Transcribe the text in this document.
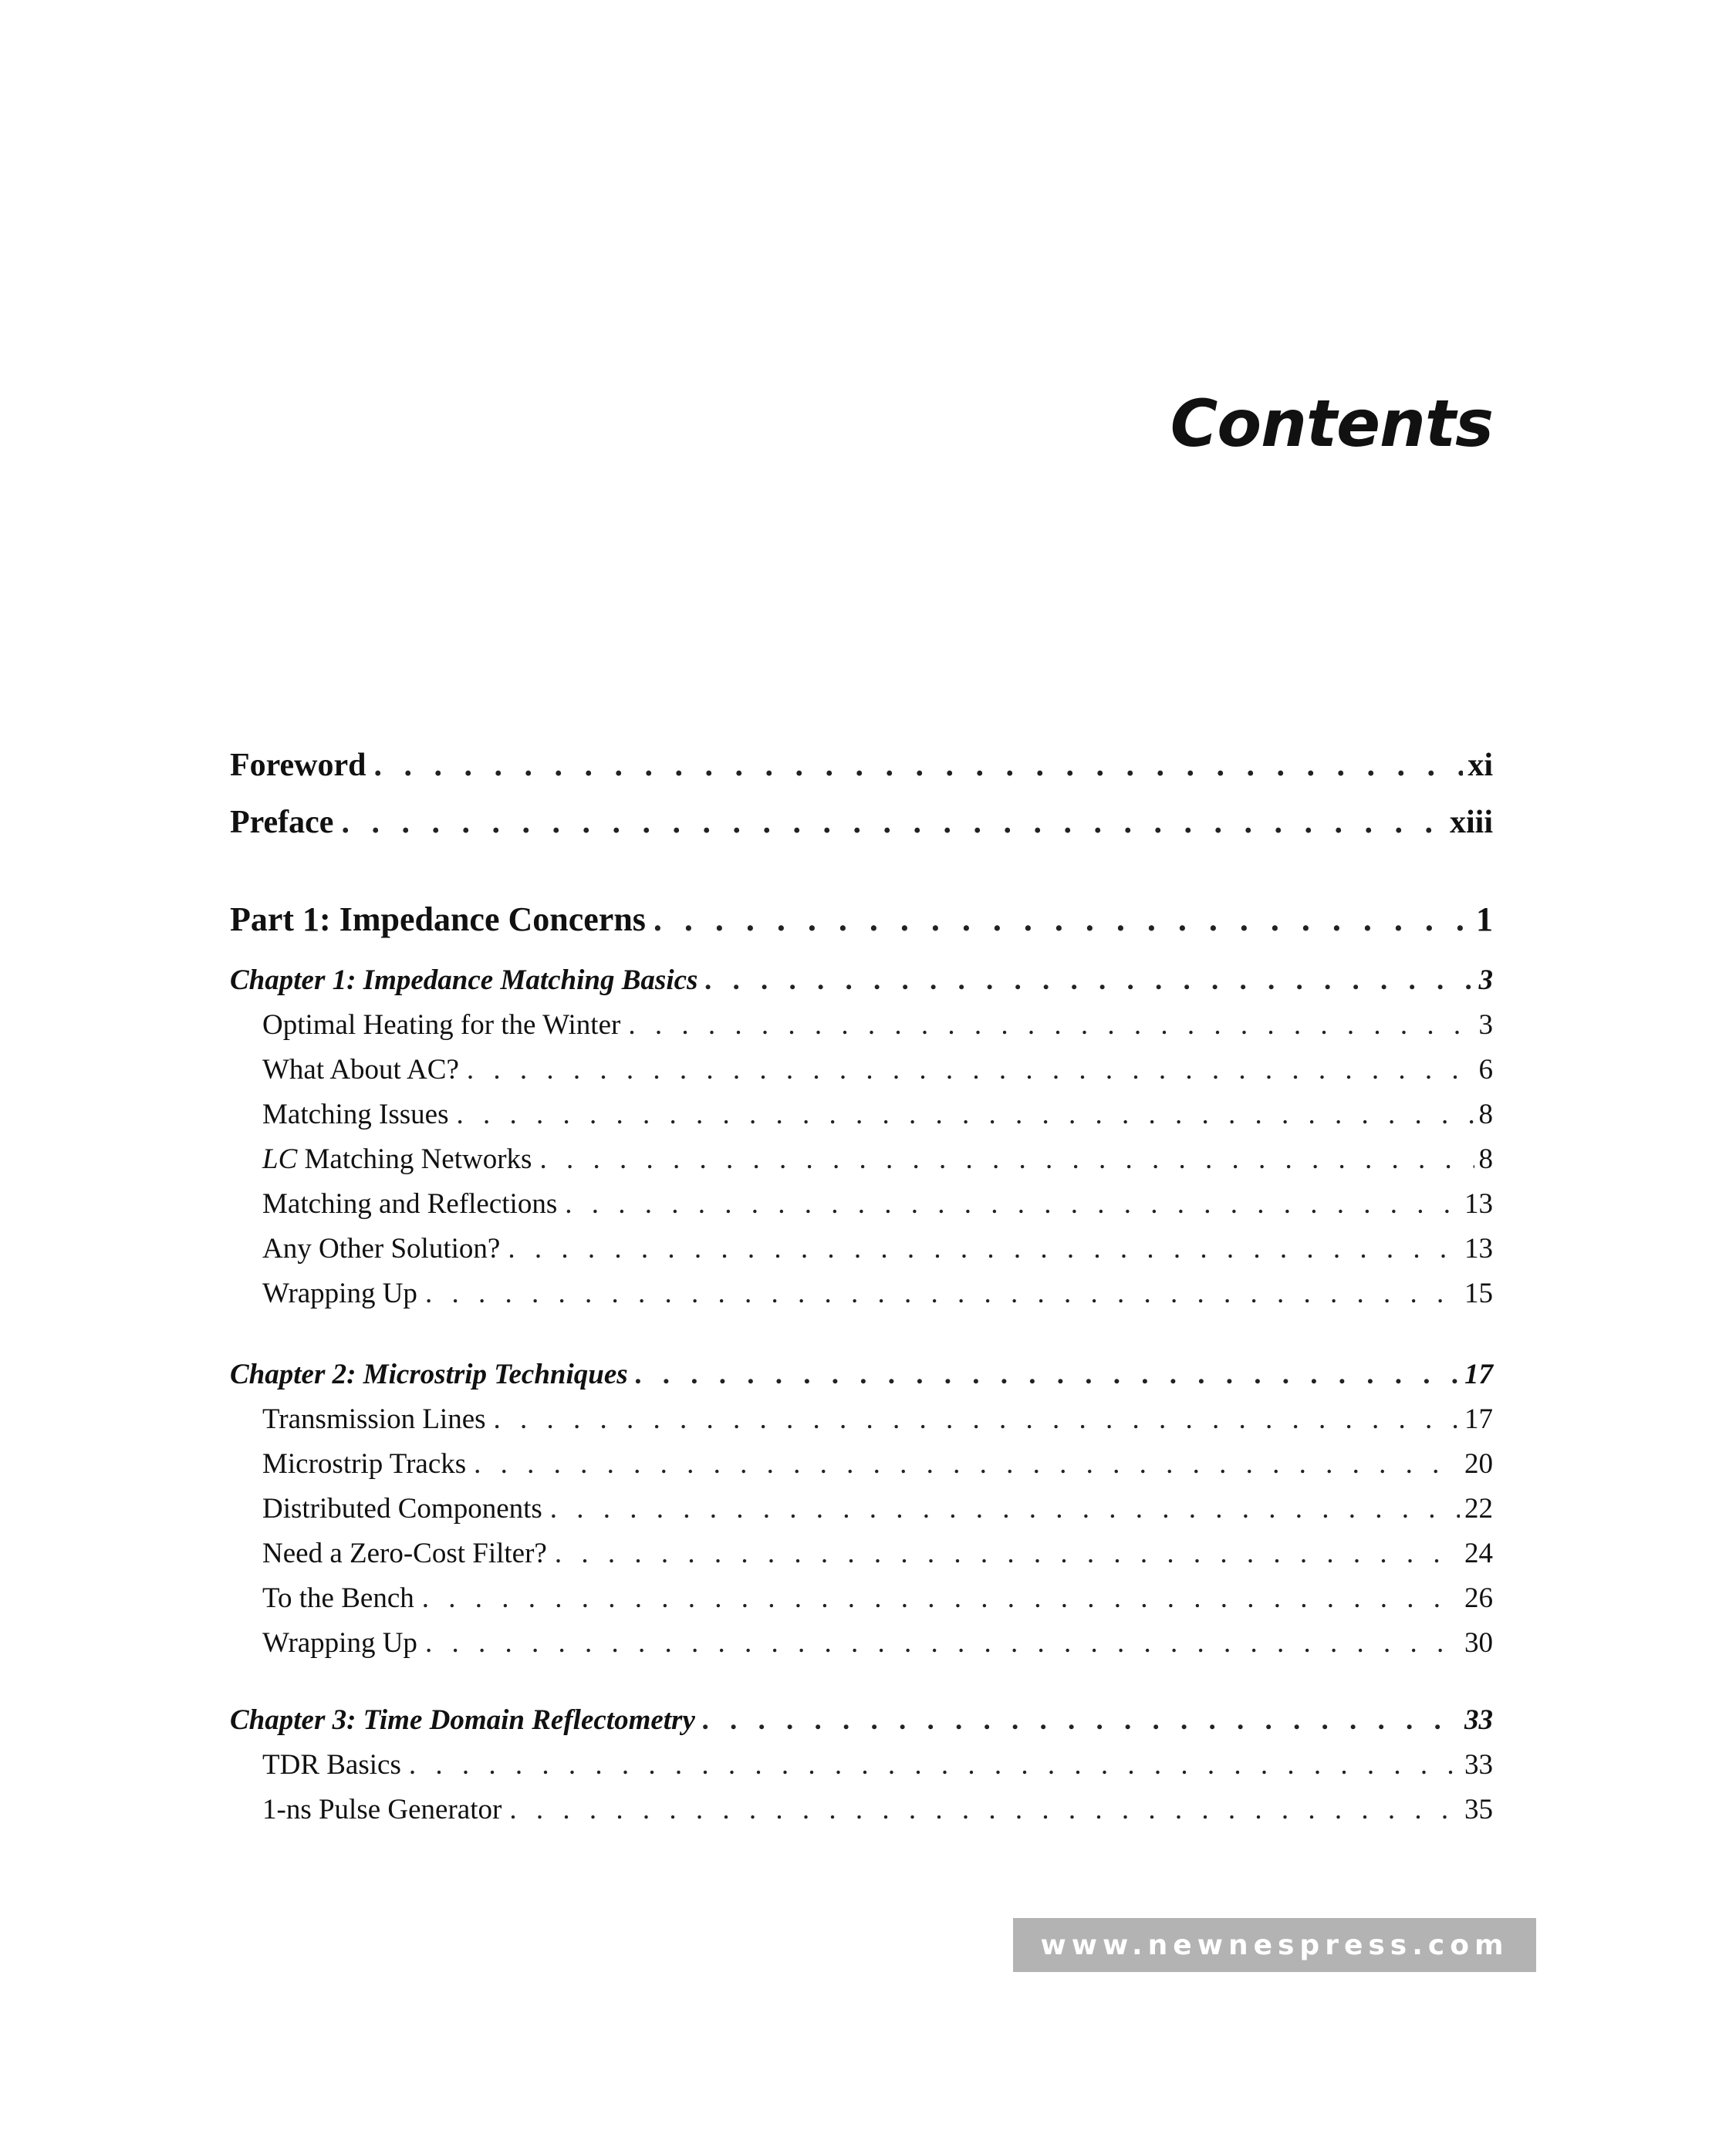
Contents
Foreword . . .	xi
Preface . . .	xiii
Part 1: Impedance Concerns . . .	1
Chapter 1: Impedance Matching Basics . . .	3
Optimal Heating for the Winter . . .	3
What About AC? . . .	6
Matching Issues . . .	8
LC Matching Networks . . .	8
Matching and Reflections . . .	13
Any Other Solution? . . .	13
Wrapping Up . . .	15
Chapter 2: Microstrip Techniques . . .	17
Transmission Lines . . .	17
Microstrip Tracks . . .	20
Distributed Components . . .	22
Need a Zero-Cost Filter? . . .	24
To the Bench . . .	26
Wrapping Up . . .	30
Chapter 3: Time Domain Reflectometry . . .	33
TDR Basics . . .	33
1-ns Pulse Generator . . .	35
www.newnespress.com
